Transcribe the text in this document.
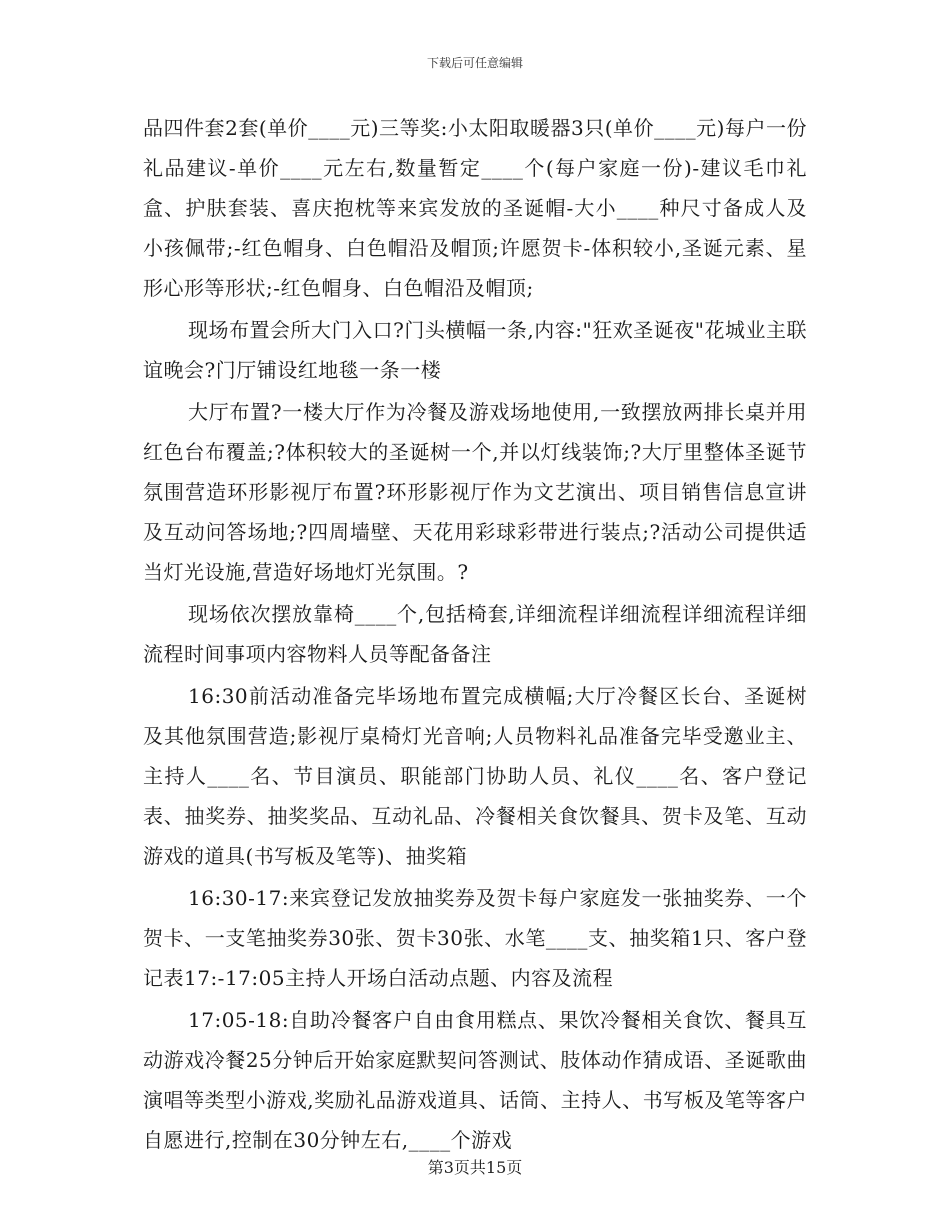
下载后可任意编辑

品四件套2套(单价____元)三等奖:小太阳取暖器3只(单价____元)每户一份礼品建议-单价____元左右,数量暂定____个(每户家庭一份)-建议毛巾礼盒、护肤套装、喜庆抱枕等来宾发放的圣诞帽-大小____种尺寸备成人及小孩佩带;-红色帽身、白色帽沿及帽顶;许愿贺卡-体积较小,圣诞元素、星形心形等形状;-红色帽身、白色帽沿及帽顶;

现场布置会所大门入口?门头横幅一条,内容:"狂欢圣诞夜"花城业主联谊晚会?门厅铺设红地毯一条一楼

大厅布置?一楼大厅作为冷餐及游戏场地使用,一致摆放两排长桌并用红色台布覆盖;?体积较大的圣诞树一个,并以灯线装饰;?大厅里整体圣诞节氛围营造环形影视厅布置?环形影视厅作为文艺演出、项目销售信息宣讲及互动问答场地;?四周墙壁、天花用彩球彩带进行装点;?活动公司提供适当灯光设施,营造好场地灯光氛围。?

现场依次摆放靠椅____个,包括椅套,详细流程详细流程详细流程详细流程时间事项内容物料人员等配备备注

16:30前活动准备完毕场地布置完成横幅;大厅冷餐区长台、圣诞树及其他氛围营造;影视厅桌椅灯光音响;人员物料礼品准备完毕受邀业主、主持人____名、节目演员、职能部门协助人员、礼仪____名、客户登记表、抽奖券、抽奖奖品、互动礼品、冷餐相关食饮餐具、贺卡及笔、互动游戏的道具(书写板及笔等)、抽奖箱

16:30-17:来宾登记发放抽奖券及贺卡每户家庭发一张抽奖券、一个贺卡、一支笔抽奖券30张、贺卡30张、水笔____支、抽奖箱1只、客户登记表17:-17:05主持人开场白活动点题、内容及流程

17:05-18:自助冷餐客户自由食用糕点、果饮冷餐相关食饮、餐具互动游戏冷餐25分钟后开始家庭默契问答测试、肢体动作猜成语、圣诞歌曲演唱等类型小游戏,奖励礼品游戏道具、话筒、主持人、书写板及笔等客户自愿进行,控制在30分钟左右,____个游戏

第3页共15页
